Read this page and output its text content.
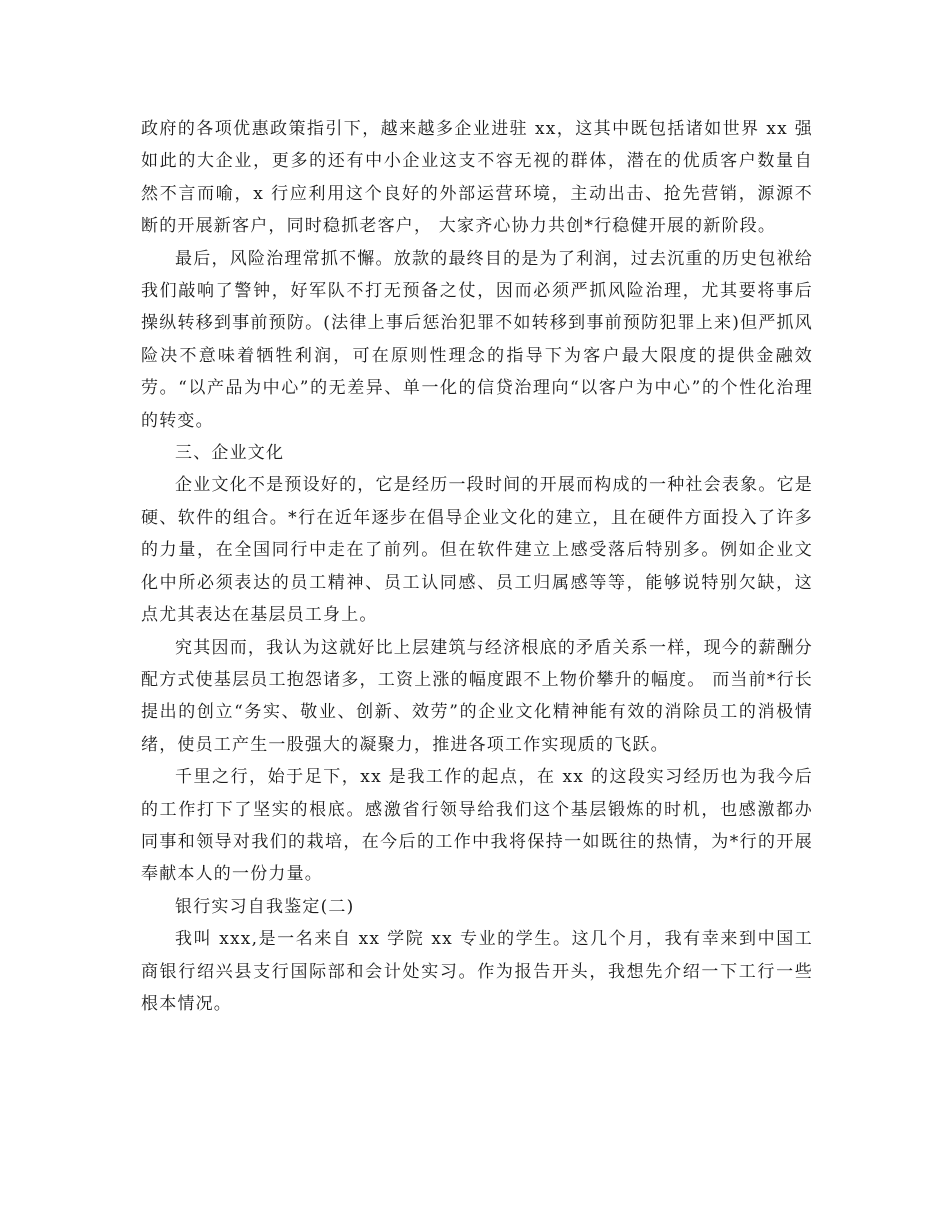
政府的各项优惠政策指引下，越来越多企业进驻 xx，这其中既包括诸如世界 xx 强如此的大企业，更多的还有中小企业这支不容无视的群体，潜在的优质客户数量自然不言而喻，x 行应利用这个良好的外部运营环境，主动出击、抢先营销，源源不断的开展新客户，同时稳抓老客户， 大家齐心协力共创*行稳健开展的新阶段。

最后，风险治理常抓不懈。放款的最终目的是为了利润，过去沉重的历史包袱给我们敲响了警钟，好军队不打无预备之仗，因而必须严抓风险治理，尤其要将事后操纵转移到事前预防。(法律上事后惩治犯罪不如转移到事前预防犯罪上来)但严抓风险决不意味着牺牲利润，可在原则性理念的指导下为客户最大限度的提供金融效劳。“以产品为中心”的无差异、单一化的信贷治理向“以客户为中心”的个性化治理的转变。

三、企业文化

企业文化不是预设好的，它是经历一段时间的开展而构成的一种社会表象。它是硬、软件的组合。*行在近年逐步在倡导企业文化的建立，且在硬件方面投入了许多的力量，在全国同行中走在了前列。但在软件建立上感受落后特别多。例如企业文化中所必须表达的员工精神、员工认同感、员工归属感等等，能够说特别欠缺，这点尤其表达在基层员工身上。

究其因而，我认为这就好比上层建筑与经济根底的矛盾关系一样，现今的薪酬分配方式使基层员工抱怨诸多，工资上涨的幅度跟不上物价攀升的幅度。 而当前*行长提出的创立“务实、敬业、创新、效劳”的企业文化精神能有效的消除员工的消极情绪，使员工产生一股强大的凝聚力，推进各项工作实现质的飞跃。

千里之行，始于足下，xx 是我工作的起点，在 xx 的这段实习经历也为我今后的工作打下了坚实的根底。感激省行领导给我们这个基层锻炼的时机，也感激都办同事和领导对我们的栽培，在今后的工作中我将保持一如既往的热情，为*行的开展奉献本人的一份力量。

银行实习自我鉴定(二)

我叫 xxx,是一名来自 xx 学院 xx 专业的学生。这几个月，我有幸来到中国工商银行绍兴县支行国际部和会计处实习。作为报告开头，我想先介绍一下工行一些根本情况。
